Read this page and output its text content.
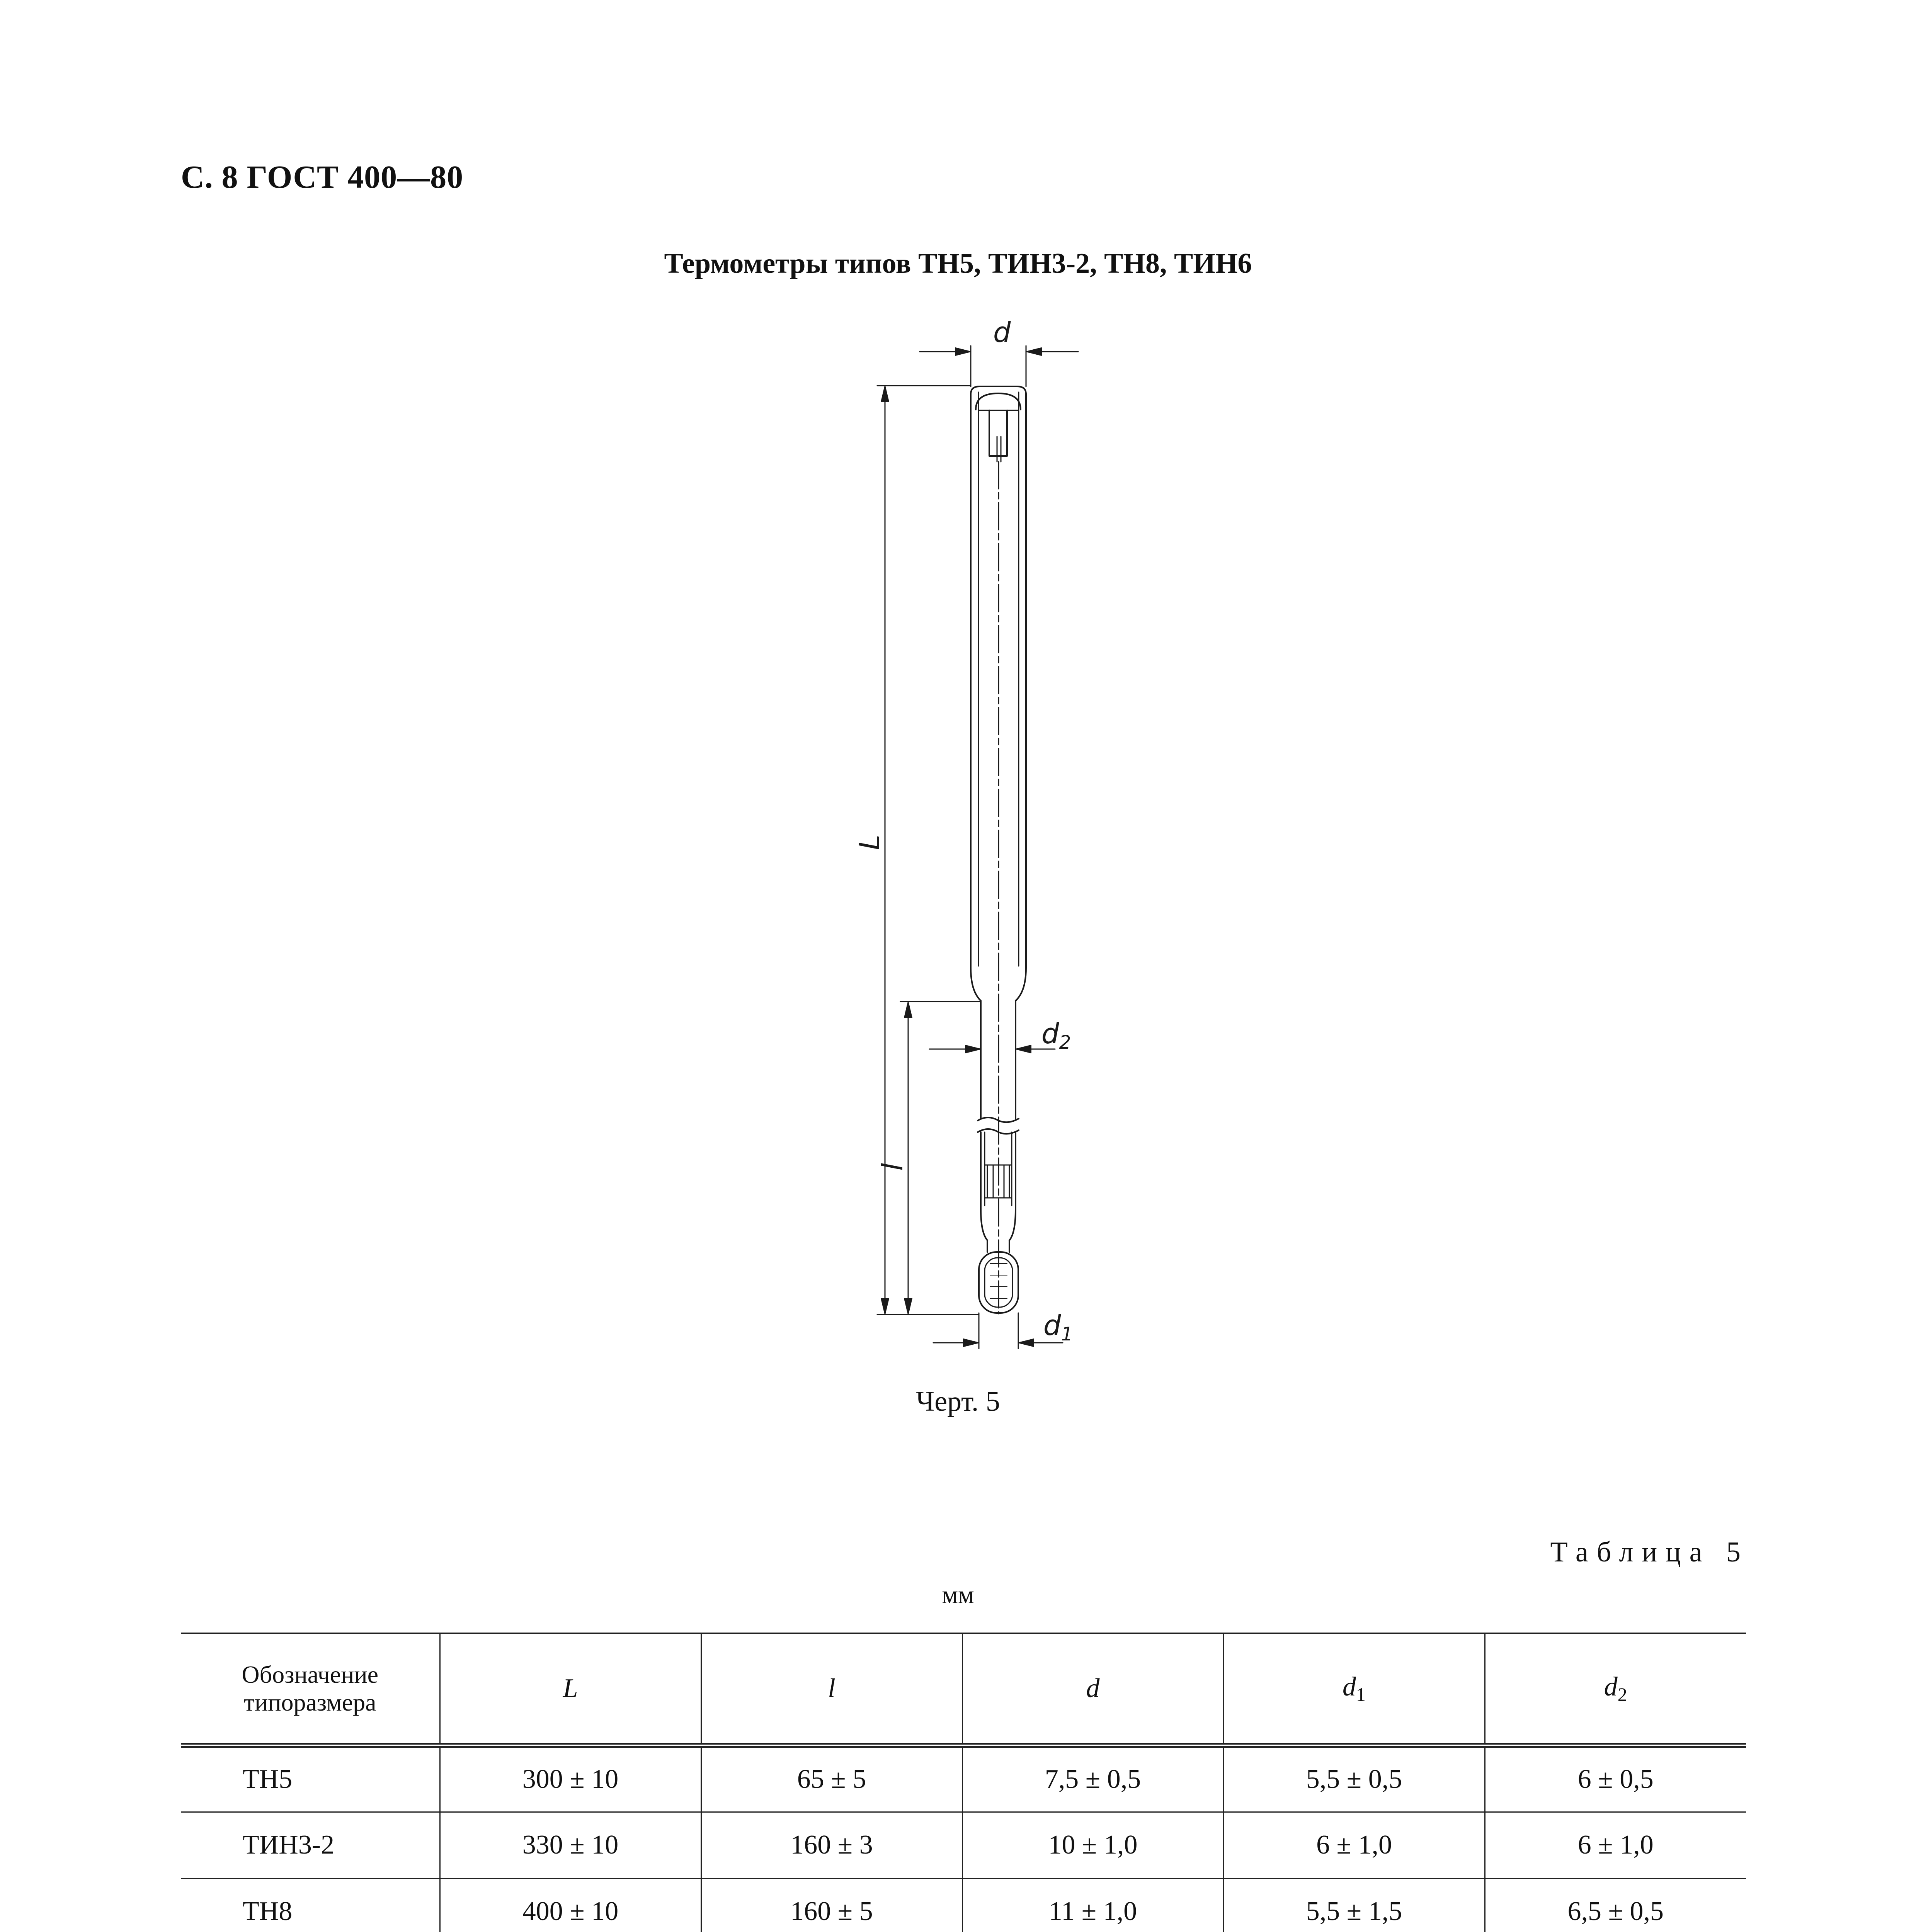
С. 8 ГОСТ 400—80
Термометры типов ТН5, ТИН3-2, ТН8, ТИН6
d
d2
d1
L
l
Черт. 5
Таблица 5
мм
Обозначение типоразмера	L	l	d	$d_1$	$d_2$
ТН5	300 ± 10	65 ± 5	7,5 ± 0,5	5,5 ± 0,5	6 ± 0,5
ТИН3-2	330 ± 10	160 ± 3	10 ± 1,0	6 ± 1,0	6 ± 1,0
ТН8	400 ± 10	160 ± 5	11 ± 1,0	5,5 ± 1,5	6,5 ± 0,5
